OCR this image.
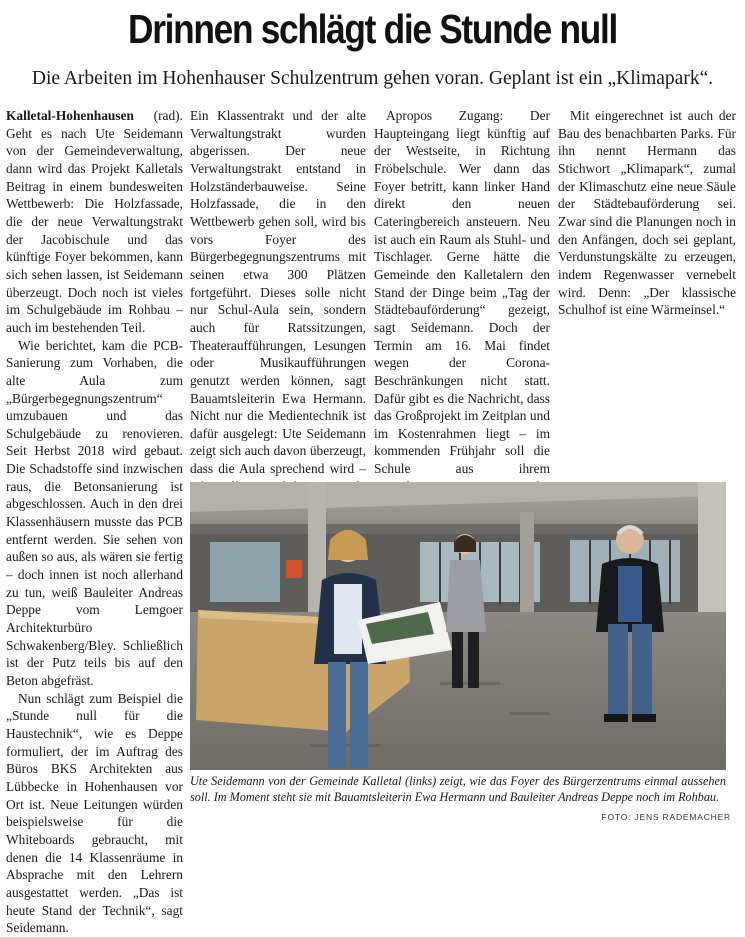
Drinnen schlägt die Stunde null
Die Arbeiten im Hohenhauser Schulzentrum gehen voran. Geplant ist ein „Klimapark“.

Kalletal-Hohenhausen (rad). Geht es nach Ute Seidemann von der Gemeindeverwaltung, dann wird das Projekt Kalletals Beitrag in einem bundesweiten Wettbewerb: Die Holzfassade, die der neue Verwaltungstrakt der Jacobischule und das künftige Foyer bekommen, kann sich sehen lassen, ist Seidemann überzeugt. Doch noch ist vieles im Schulgebäude im Rohbau – auch im bestehenden Teil.

Wie berichtet, kam die PCB-Sanierung zum Vorhaben, die alte Aula zum „Bürgerbegegnungszentrum“ umzubauen und das Schulgebäude zu renovieren. Seit Herbst 2018 wird gebaut. Die Schadstoffe sind inzwischen raus, die Betonsanierung ist abgeschlossen. Auch in den drei Klassenhäusern musste das PCB entfernt werden. Sie sehen von außen so aus, als wären sie fertig – doch innen ist noch allerhand zu tun, weiß Bauleiter Andreas Deppe vom Lemgoer Architekturbüro Schwakenberg/Bley. Schließlich ist der Putz teils bis auf den Beton abgefräst.

Nun schlägt zum Beispiel die „Stunde null für die Haustechnik“, wie es Deppe formuliert, der im Auftrag des Büros BKS Architekten aus Lübbecke in Hohenhausen vor Ort ist. Neue Leitungen würden beispielsweise für die Whiteboards gebraucht, mit denen die 14 Klassenräume in Absprache mit den Lehrern ausgestattet werden. „Das ist heute Stand der Technik“, sagt Seidemann.

Ein Klassentrakt und der alte Verwaltungstrakt wurden abgerissen. Der neue Verwaltungstrakt entstand in Holzständerbauweise. Seine Holzfassade, die in den Wettbewerb gehen soll, wird bis vors Foyer des Bürgerbegegnungszentrums mit seinen etwa 300 Plätzen fortgeführt. Dieses solle nicht nur Schul-Aula sein, sondern auch für Ratssitzungen, Theateraufführungen, Lesungen oder Musikaufführungen genutzt werden können, sagt Bauamtsleiterin Ewa Hermann. Nicht nur die Medientechnik ist dafür ausgelegt: Ute Seidemann zeigt sich auch davon überzeugt, dass die Aula sprechend wird –

Apropos Zugang: Der Haupteingang liegt künftig auf der Westseite, in Richtung Fröbelschule. Wer dann das Foyer betritt, kann linker Hand direkt den neuen Cateringbereich ansteuern. Neu ist auch ein Raum als Stuhl- und Tischlager. Gerne hätte die Gemeinde den Kalletalern den Stand der Dinge beim „Tag der Städtebauförderung“ gezeigt, sagt Seidemann. Doch der Termin am 16. Mai findet wegen der Corona-Beschränkungen nicht statt. Dafür gibt es die Nachricht, dass das Großprojekt im Zeitplan und im Kostenrahmen liegt – im kommenden Frühjahr soll die Schule aus ihrem

Mit eingerechnet ist auch der Bau des benachbarten Parks. Für ihn nennt Hermann das Stichwort „Klimapark“, zumal der Klimaschutz eine neue Säule der Städtebauförderung sei. Zwar sind die Planungen noch in den Anfängen, doch sei geplant, Verdunstungskälte zu erzeugen, indem Regenwasser vernebelt wird. Denn: „Der klassische Schulhof ist eine Wärmeinsel.“

Ute Seidemann von der Gemeinde Kalletal (links) zeigt, wie das Foyer des Bürgerzentrums einmal aussehen soll. Im Moment steht sie mit Bauamtsleiterin Ewa Hermann und Bauleiter Andreas Deppe noch im Rohbau.
FOTO: JENS RADEMACHER
